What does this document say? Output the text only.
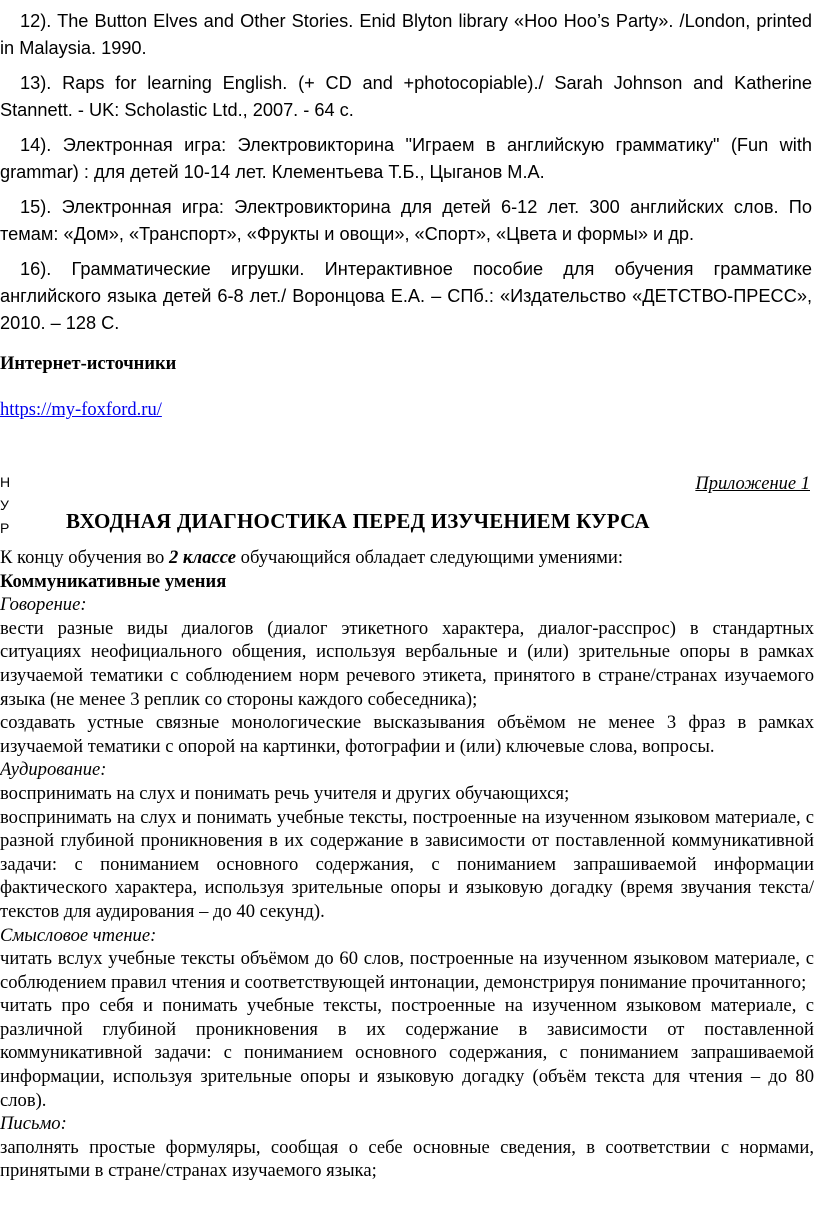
12). The Button Elves and Other Stories. Enid Blyton library «Hoo Hoo’s Party». /London, printed in Malaysia. 1990.

13). Raps for learning English. (+ CD and +photocopiable)./ Sarah Johnson and Katherine Stannett. - UK: Scholastic Ltd., 2007. - 64 c.

14). Электронная игра: Электровикторина "Играем в английскую грамматику" (Fun with grammar) : для детей 10-14 лет. Клементьева Т.Б., Цыганов М.А.

15). Электронная игра: Электровикторина для детей 6-12 лет. 300 английских слов. По темам: «Дом», «Транспорт», «Фрукты и овощи», «Спорт», «Цвета и формы» и др.

16). Грамматические игрушки. Интерактивное пособие для обучения грамматике английского языка детей 6-8 лет./ Воронцова Е.А. – СПб.: «Издательство «ДЕТСТВО-ПРЕСС», 2010. – 128 С.

Интернет-источники
https://my-foxford.ru/
Н
У
Р
Приложение 1
ВХОДНАЯ ДИАГНОСТИКА ПЕРЕД ИЗУЧЕНИЕМ КУРСА

К концу обучения во 2 классе обучающийся обладает следующими умениями:

Коммуникативные умения

Говорение:

вести разные виды диалогов (диалог этикетного характера, диалог-расспрос) в стандартных ситуациях неофициального общения, используя вербальные и (или) зрительные опоры в рамках изучаемой тематики с соблюдением норм речевого этикета, принятого в стране/странах изучаемого языка (не менее 3 реплик со стороны каждого собеседника);

создавать устные связные монологические высказывания объёмом не менее 3 фраз в рамках изучаемой тематики с опорой на картинки, фотографии и (или) ключевые слова, вопросы.

Аудирование:

воспринимать на слух и понимать речь учителя и других обучающихся;

воспринимать на слух и понимать учебные тексты, построенные на изученном языковом материале, с разной глубиной проникновения в их содержание в зависимости от поставленной коммуникативной задачи: с пониманием основного содержания, с пониманием запрашиваемой информации фактического характера, используя зрительные опоры и языковую догадку (время звучания текста/текстов для аудирования – до 40 секунд).

Смысловое чтение:

читать вслух учебные тексты объёмом до 60 слов, построенные на изученном языковом материале, с соблюдением правил чтения и соответствующей интонации, демонстрируя понимание прочитанного;

читать про себя и понимать учебные тексты, построенные на изученном языковом материале, с различной глубиной проникновения в их содержание в зависимости от поставленной коммуникативной задачи: с пониманием основного содержания, с пониманием запрашиваемой информации, используя зрительные опоры и языковую догадку (объём текста для чтения – до 80 слов).

Письмо:

заполнять простые формуляры, сообщая о себе основные сведения, в соответствии с нормами, принятыми в стране/странах изучаемого языка;
